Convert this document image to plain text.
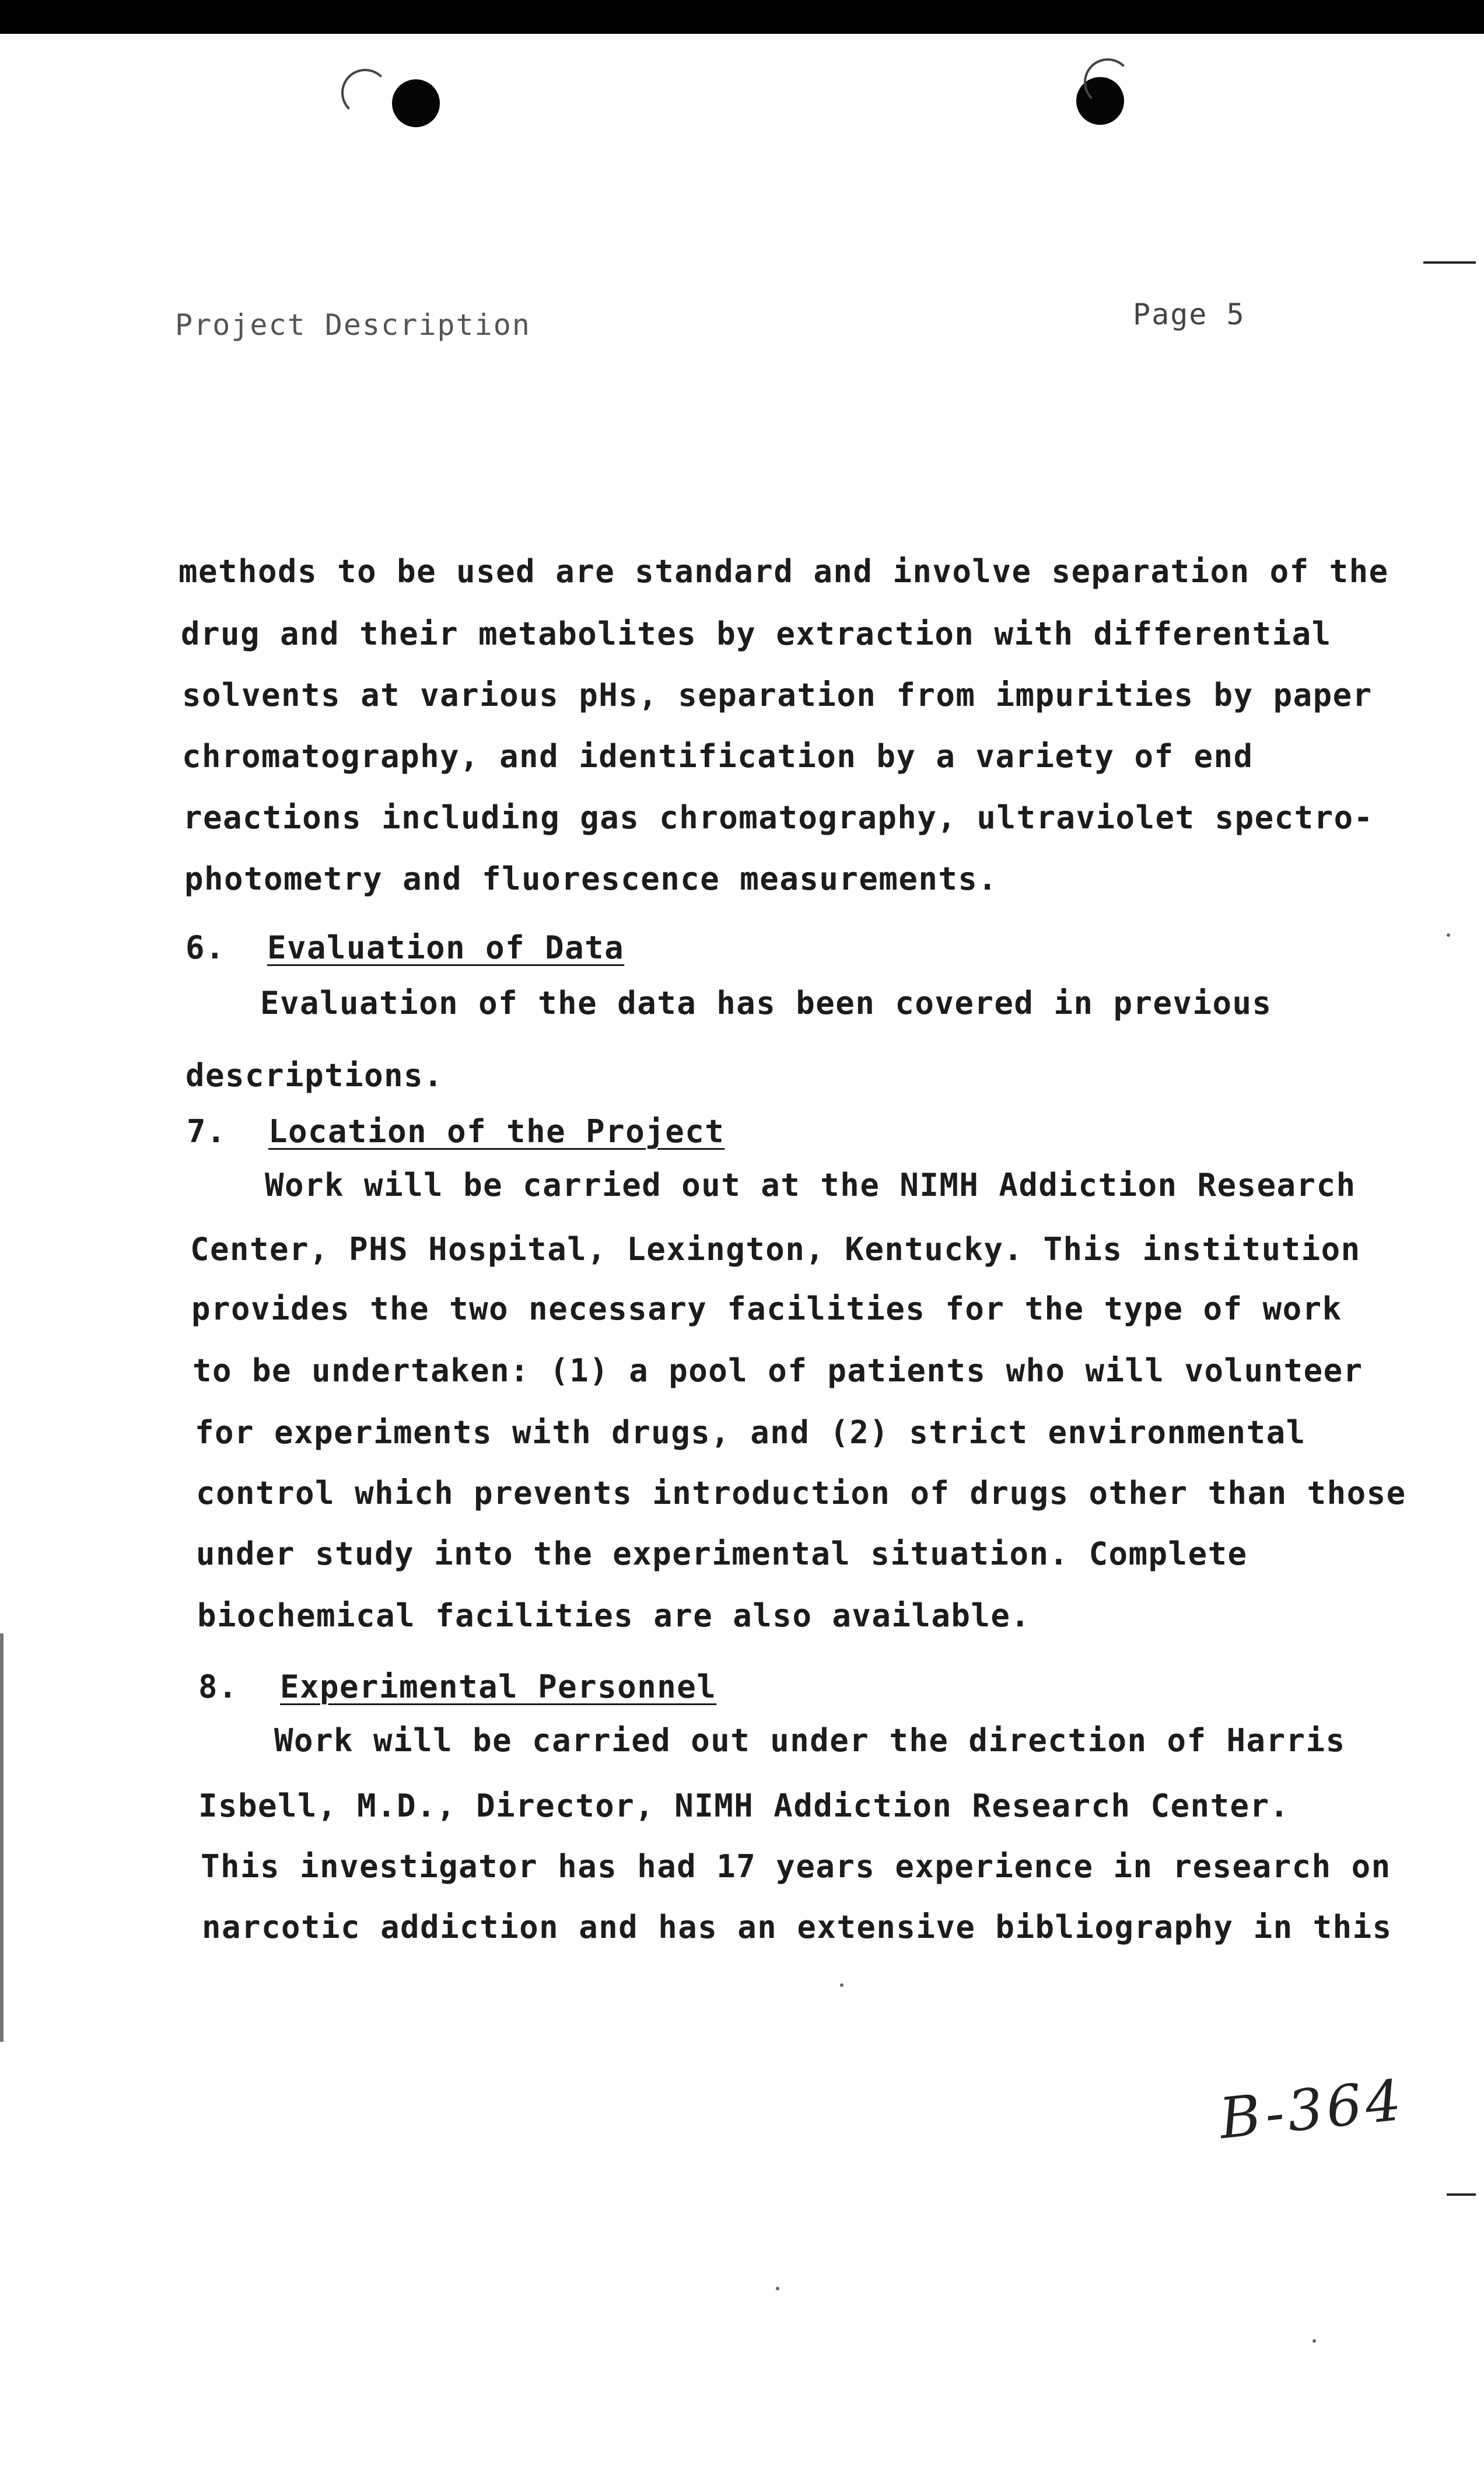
Project Description	Page 5
methods to be used are standard and involve separation of the
drug and their metabolites by extraction with differential
solvents at various pHs, separation from impurities by paper
chromatography, and identification by a variety of end
reactions including gas chromatography, ultraviolet spectro-
photometry and fluorescence measurements.
6. Evaluation of Data
Evaluation of the data has been covered in previous
descriptions.
7. Location of the Project
Work will be carried out at the NIMH Addiction Research
Center, PHS Hospital, Lexington, Kentucky. This institution
provides the two necessary facilities for the type of work
to be undertaken: (1) a pool of patients who will volunteer
for experiments with drugs, and (2) strict environmental
control which prevents introduction of drugs other than those
under study into the experimental situation. Complete
biochemical facilities are also available.
8. Experimental Personnel
Work will be carried out under the direction of Harris
Isbell, M.D., Director, NIMH Addiction Research Center.
This investigator has had 17 years experience in research on
narcotic addiction and has an extensive bibliography in this
B-364
